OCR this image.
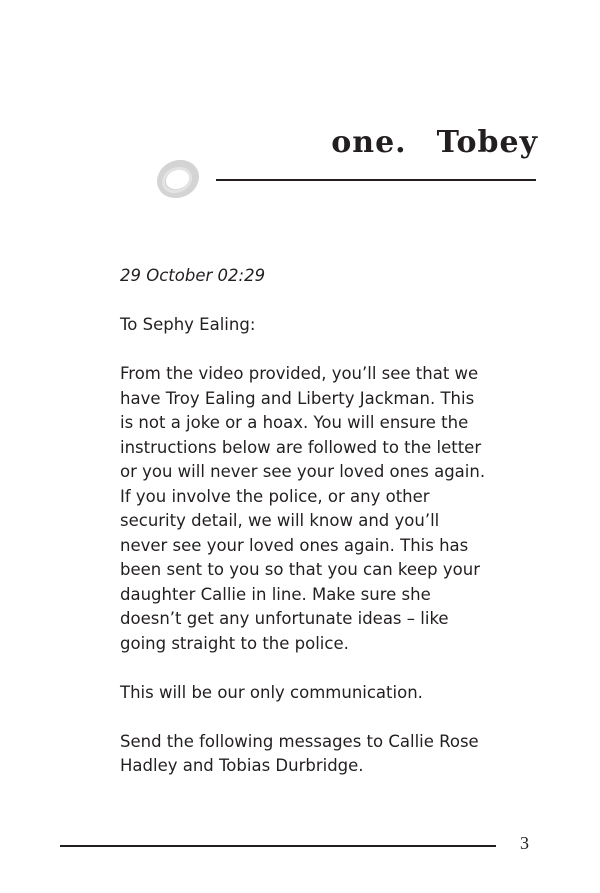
one. Tobey

29 October 02:29

To Sephy Ealing:

From the video provided, you’ll see that we have Troy Ealing and Liberty Jackman. This is not a joke or a hoax. You will ensure the instructions below are followed to the letter or you will never see your loved ones again. If you involve the police, or any other security detail, we will know and you’ll never see your loved ones again. This has been sent to you so that you can keep your daughter Callie in line. Make sure she doesn’t get any unfortunate ideas – like going straight to the police.

This will be our only communication.

Send the following messages to Callie Rose Hadley and Tobias Durbridge.

3
